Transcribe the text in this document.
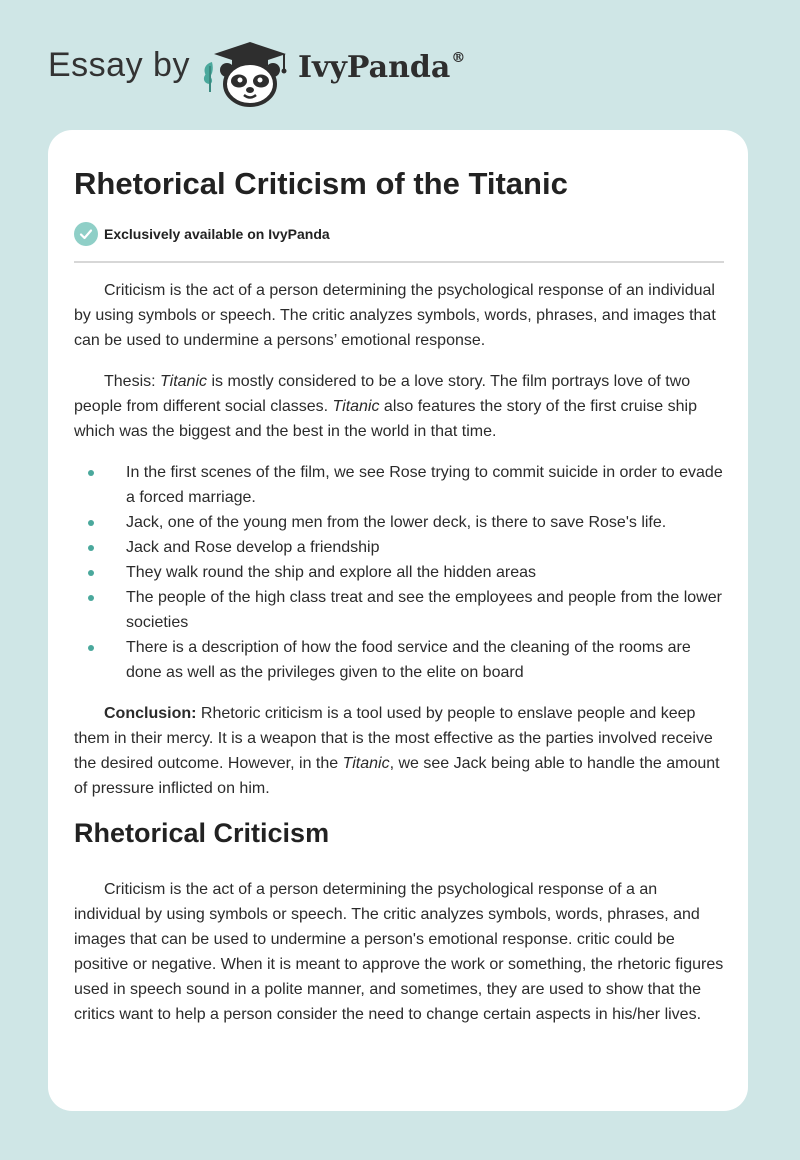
Essay by	IvyPanda®
Rhetorical Criticism of the Titanic
Exclusively available on IvyPanda

Criticism is the act of a person determining the psychological response of an individual by using symbols or speech. The critic analyzes symbols, words, phrases, and images that can be used to undermine a persons’ emotional response.

Thesis: Titanic is mostly considered to be a love story. The film portrays love of two people from different social classes. Titanic also features the story of the first cruise ship which was the biggest and the best in the world in that time.

In the first scenes of the film, we see Rose trying to commit suicide in order to evade a forced marriage.
Jack, one of the young men from the lower deck, is there to save Rose's life.
Jack and Rose develop a friendship
They walk round the ship and explore all the hidden areas
The people of the high class treat and see the employees and people from the lower societies
There is a description of how the food service and the cleaning of the rooms are done as well as the privileges given to the elite on board

Conclusion: Rhetoric criticism is a tool used by people to enslave people and keep them in their mercy. It is a weapon that is the most effective as the parties involved receive the desired outcome. However, in the Titanic, we see Jack being able to handle the amount of pressure inflicted on him.

Rhetorical Criticism

Criticism is the act of a person determining the psychological response of a an individual by using symbols or speech. The critic analyzes symbols, words, phrases, and images that can be used to undermine a person's emotional response. critic could be positive or negative. When it is meant to approve the work or something, the rhetoric figures used in speech sound in a polite manner, and sometimes, they are used to show that the critics want to help a person consider the need to change certain aspects in his/her lives.
